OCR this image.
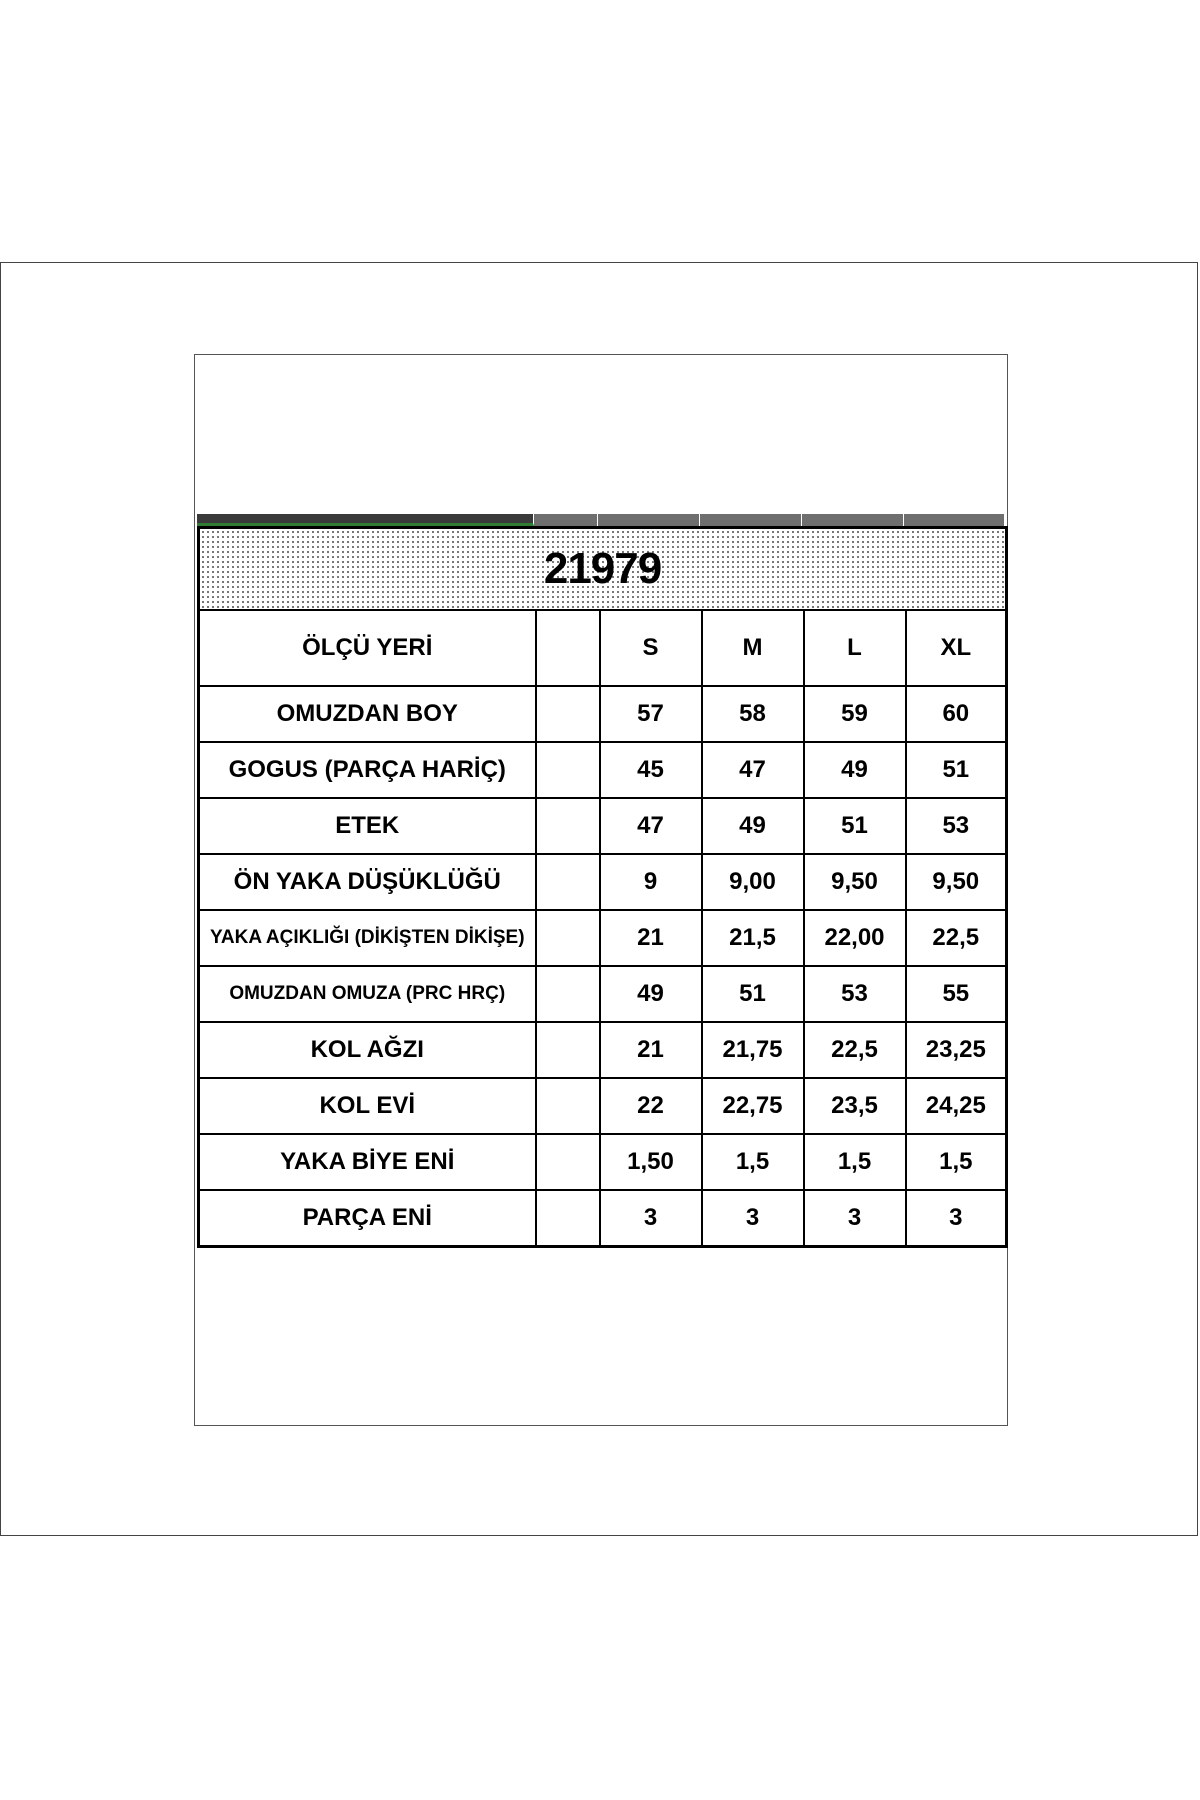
21979					
ÖLÇÜ YERİ		S	M	L	XL
OMUZDAN BOY		57	58	59	60
GOGUS (PARÇA HARİÇ)		45	47	49	51
ETEK		47	49	51	53
ÖN YAKA DÜŞÜKLÜĞÜ		9	9,00	9,50	9,50
YAKA AÇIKLIĞI (DİKİŞTEN DİKİŞE)		21	21,5	22,00	22,5
OMUZDAN OMUZA (PRC HRÇ)		49	51	53	55
KOL AĞZI		21	21,75	22,5	23,25
KOL EVİ		22	22,75	23,5	24,25
YAKA BİYE ENİ		1,50	1,5	1,5	1,5
PARÇA ENİ		3	3	3	3
